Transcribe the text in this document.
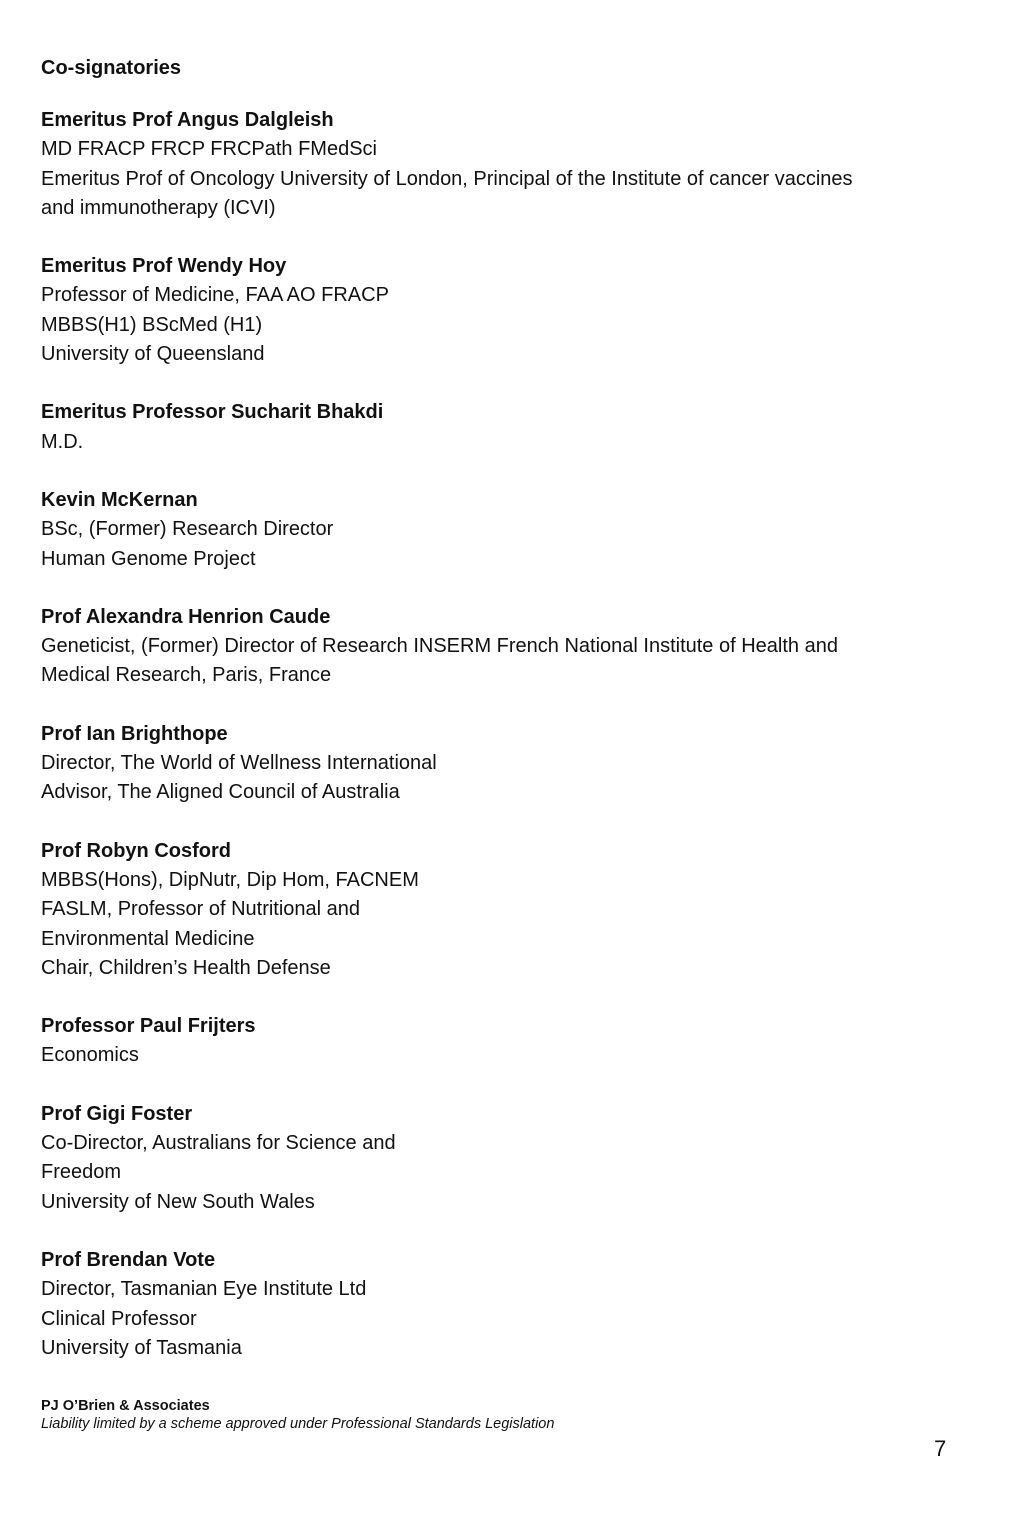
Co-signatories
Emeritus Prof Angus Dalgleish
MD FRACP FRCP FRCPath FMedSci
Emeritus Prof of Oncology University of London, Principal of the Institute of cancer vaccines
and immunotherapy (ICVI)
Emeritus Prof Wendy Hoy
Professor of Medicine, FAA AO FRACP
MBBS(H1) BScMed (H1)
University of Queensland
Emeritus Professor Sucharit Bhakdi
M.D.
Kevin McKernan
BSc, (Former) Research Director
Human Genome Project
Prof Alexandra Henrion Caude
Geneticist, (Former) Director of Research INSERM French National Institute of Health and
Medical Research, Paris, France
Prof Ian Brighthope
Director, The World of Wellness International
Advisor, The Aligned Council of Australia
Prof Robyn Cosford
MBBS(Hons), DipNutr, Dip Hom, FACNEM
FASLM, Professor of Nutritional and
Environmental Medicine
Chair, Children’s Health Defense
Professor Paul Frijters
Economics
Prof Gigi Foster
Co-Director, Australians for Science and
Freedom
University of New South Wales
Prof Brendan Vote
Director, Tasmanian Eye Institute Ltd
Clinical Professor
University of Tasmania
PJ O’Brien & Associates
Liability limited by a scheme approved under Professional Standards Legislation
7
